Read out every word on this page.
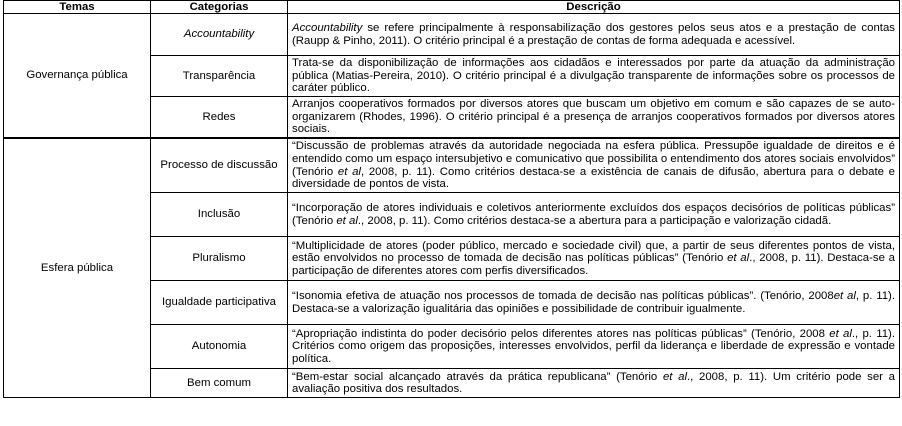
Temas	Categorias	Descrição
Governança pública	Accountability	Accountability se refere principalmente à responsabilização dos gestores pelos seus atos e a prestação de contas (Raupp & Pinho, 2011). O critério principal é a prestação de contas de forma adequada e acessível.
	Transparência	Trata-se da disponibilização de informações aos cidadãos e interessados por parte da atuação da administração pública (Matias-Pereira, 2010). O critério principal é a divulgação transparente de informações sobre os processos de caráter público.
	Redes	Arranjos cooperativos formados por diversos atores que buscam um objetivo em comum e são capazes de se auto-organizarem (Rhodes, 1996). O critério principal é a presença de arranjos cooperativos formados por diversos atores sociais.
Esfera pública	Processo de discussão	“Discussão de problemas através da autoridade negociada na esfera pública. Pressupõe igualdade de direitos e é entendido como um espaço intersubjetivo e comunicativo que possibilita o entendimento dos atores sociais envolvidos” (Tenório et al, 2008, p. 11). Como critérios destaca-se a existência de canais de difusão, abertura para o debate e diversidade de pontos de vista.
	Inclusão	“Incorporação de atores individuais e coletivos anteriormente excluídos dos espaços decisórios de políticas públicas” (Tenório et al., 2008, p. 11). Como critérios destaca-se a abertura para a participação e valorização cidadã.
	Pluralismo	“Multiplicidade de atores (poder público, mercado e sociedade civil) que, a partir de seus diferentes pontos de vista, estão envolvidos no processo de tomada de decisão nas políticas públicas” (Tenório et al., 2008, p. 11). Destaca-se a participação de diferentes atores com perfis diversificados.
	Igualdade participativa	“Isonomia efetiva de atuação nos processos de tomada de decisão nas políticas públicas”. (Tenório, 2008et al, p. 11). Destaca-se a valorização igualitária das opiniões e possibilidade de contribuir igualmente.
	Autonomia	“Apropriação indistinta do poder decisório pelos diferentes atores nas políticas públicas” (Tenório, 2008 et al., p. 11). Critérios como origem das proposições, interesses envolvidos, perfil da liderança e liberdade de expressão e vontade política.
	Bem comum	“Bem-estar social alcançado através da prática republicana” (Tenório et al., 2008, p. 11). Um critério pode ser a avaliação positiva dos resultados.
